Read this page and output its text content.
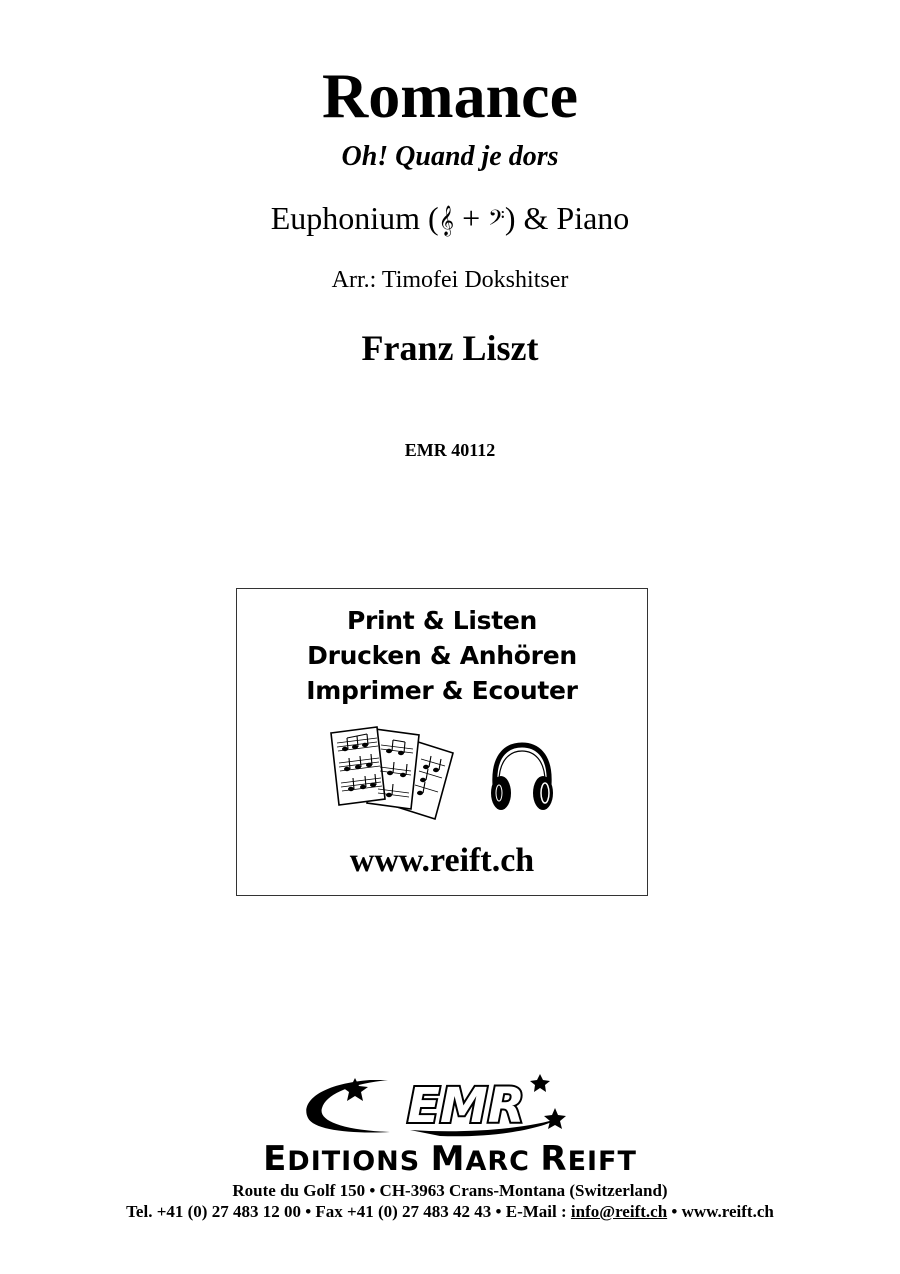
Romance
Oh! Quand je dors
Euphonium (𝄞 + 𝄢) & Piano
Arr.: Timofei Dokshitser
Franz Liszt
EMR 40112
Print & Listen
Drucken & Anhören
Imprimer & Ecouter
www.reift.ch
EMR
EDITIONS MARC REIFT
Route du Golf 150 • CH-3963 Crans-Montana (Switzerland)
Tel. +41 (0) 27 483 12 00 • Fax +41 (0) 27 483 42 43 • E-Mail : info@reift.ch • www.reift.ch
